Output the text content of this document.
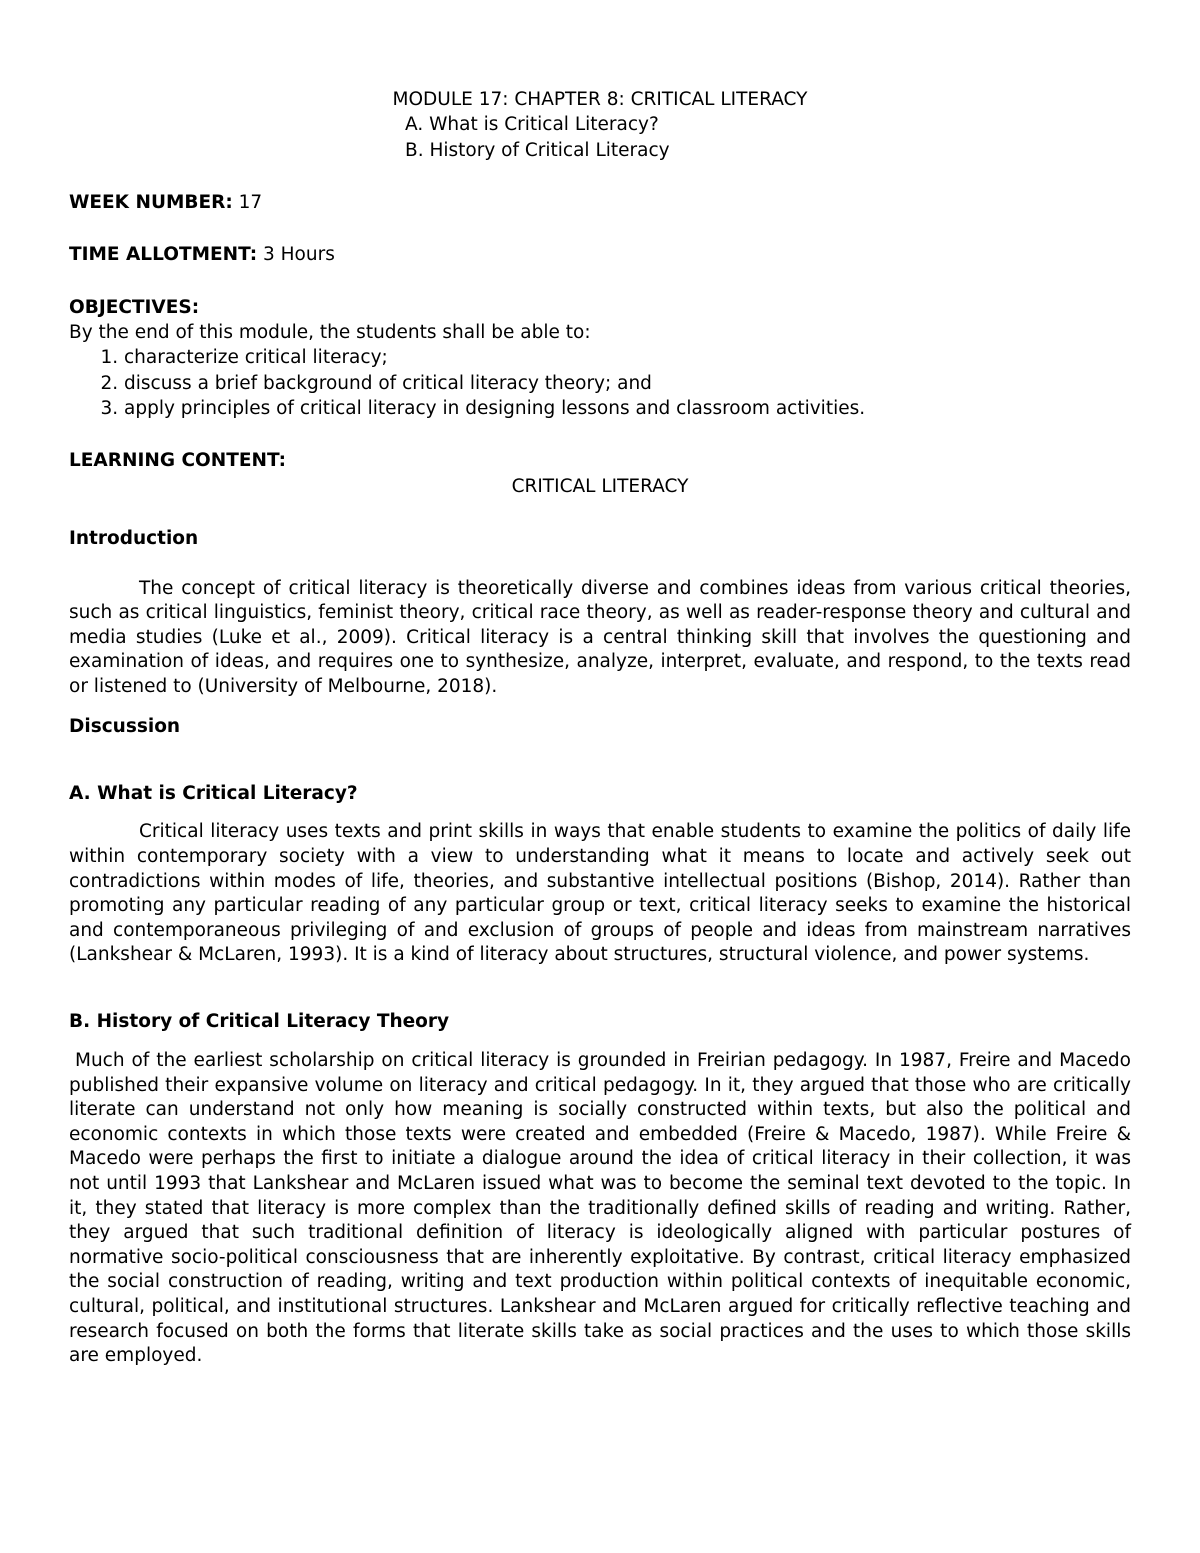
MODULE 17: CHAPTER 8: CRITICAL LITERACY

A. What is Critical Literacy?

B. History of Critical Literacy

WEEK NUMBER: 17

TIME ALLOTMENT: 3 Hours

OBJECTIVES:

By the end of this module, the students shall be able to:

1. characterize critical literacy;
2. discuss a brief background of critical literacy theory; and
3. apply principles of critical literacy in designing lessons and classroom activities.

LEARNING CONTENT:

CRITICAL LITERACY

Introduction

The concept of critical literacy is theoretically diverse and combines ideas from various critical theories, such as critical linguistics, feminist theory, critical race theory, as well as reader-response theory and cultural and media studies (Luke et al., 2009). Critical literacy is a central thinking skill that involves the questioning and examination of ideas, and requires one to synthesize, analyze, interpret, evaluate, and respond, to the texts read or listened to (University of Melbourne, 2018).

Discussion

A. What is Critical Literacy?

Critical literacy uses texts and print skills in ways that enable students to examine the politics of daily life within contemporary society with a view to understanding what it means to locate and actively seek out contradictions within modes of life, theories, and substantive intellectual positions (Bishop, 2014). Rather than promoting any particular reading of any particular group or text, critical literacy seeks to examine the historical and contemporaneous privileging of and exclusion of groups of people and ideas from mainstream narratives (Lankshear & McLaren, 1993). It is a kind of literacy about structures, structural violence, and power systems.

B. History of Critical Literacy Theory

Much of the earliest scholarship on critical literacy is grounded in Freirian pedagogy. In 1987, Freire and Macedo published their expansive volume on literacy and critical pedagogy. In it, they argued that those who are critically literate can understand not only how meaning is socially constructed within texts, but also the political and economic contexts in which those texts were created and embedded (Freire & Macedo, 1987). While Freire & Macedo were perhaps the first to initiate a dialogue around the idea of critical literacy in their collection, it was not until 1993 that Lankshear and McLaren issued what was to become the seminal text devoted to the topic. In it, they stated that literacy is more complex than the traditionally defined skills of reading and writing. Rather, they argued that such traditional definition of literacy is ideologically aligned with particular postures of normative socio-political consciousness that are inherently exploitative. By contrast, critical literacy emphasized the social construction of reading, writing and text production within political contexts of inequitable economic, cultural, political, and institutional structures. Lankshear and McLaren argued for critically reflective teaching and research focused on both the forms that literate skills take as social practices and the uses to which those skills are employed.
